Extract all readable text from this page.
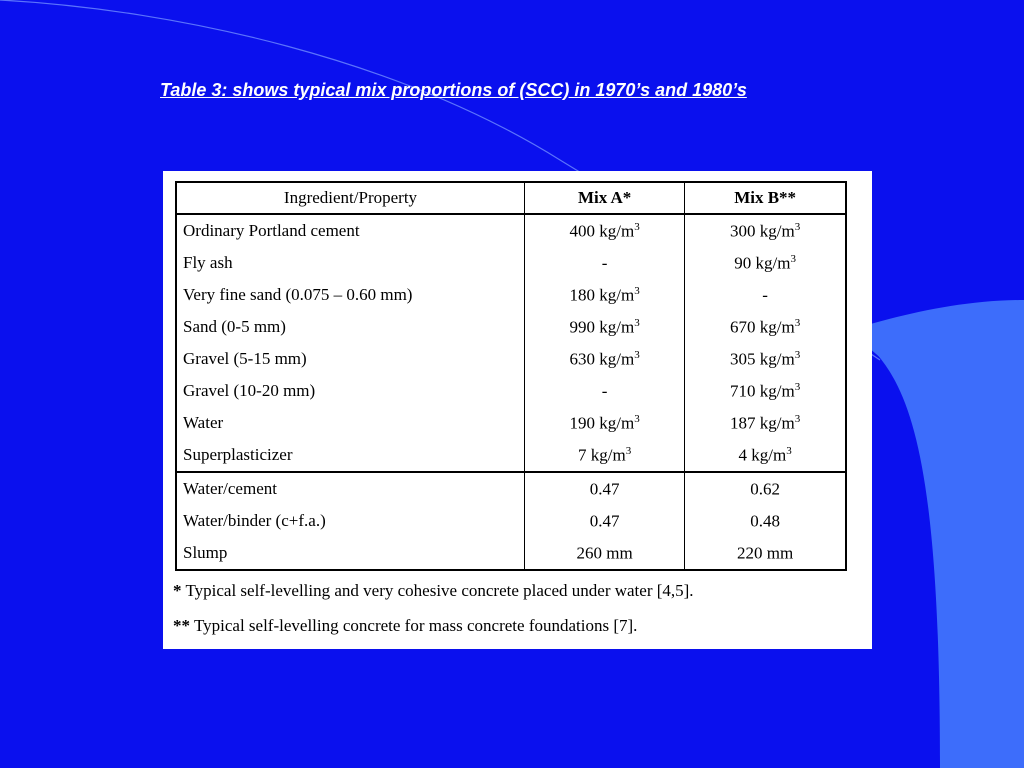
Table 3: shows typical mix proportions of (SCC) in 1970’s and 1980’s
Ingredient/Property	Mix A*	Mix B**
Ordinary Portland cement	400 $kg/m^3$	300 $kg/m^3$
Fly ash	-	90 $kg/m^3$
Very fine sand (0.075 – 0.60 mm)	180 $kg/m^3$	-
Sand (0-5 mm)	990 $kg/m^3$	670 $kg/m^3$
Gravel (5-15 mm)	630 $kg/m^3$	305 $kg/m^3$
Gravel (10-20 mm)	-	710 $kg/m^3$
Water	190 $kg/m^3$	187 $kg/m^3$
Superplasticizer	7 $kg/m^3$	4 $kg/m^3$
Water/cement	0.47	0.62
Water/binder (c+f.a.)	0.47	0.48
Slump	260 mm	220 mm
* Typical self-levelling and very cohesive concrete placed under water [4,5].
** Typical self-levelling concrete for mass concrete foundations [7].
